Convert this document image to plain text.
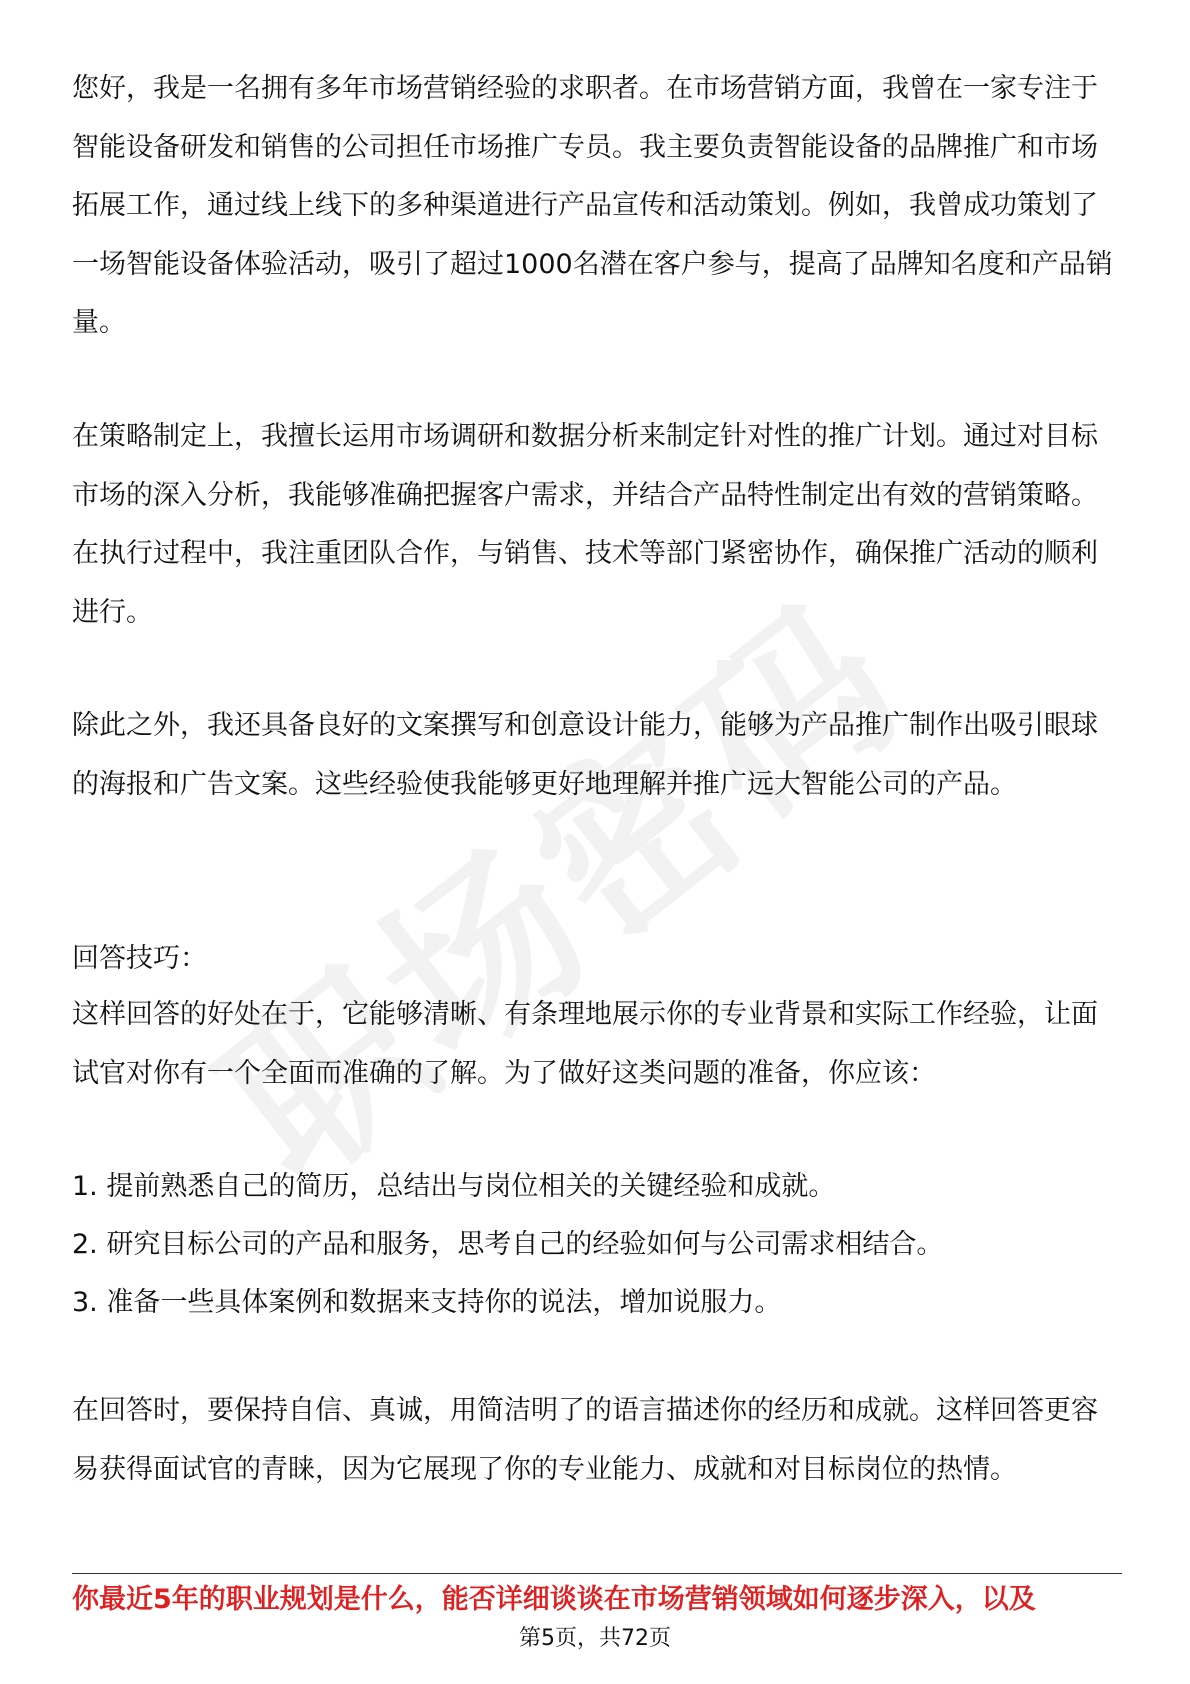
您好，我是一名拥有多年市场营销经验的求职者。在市场营销方面，我曾在一家专注于智能设备研发和销售的公司担任市场推广专员。我主要负责智能设备的品牌推广和市场拓展工作，通过线上线下的多种渠道进行产品宣传和活动策划。例如，我曾成功策划了一场智能设备体验活动，吸引了超过1000名潜在客户参与，提高了品牌知名度和产品销量。

在策略制定上，我擅长运用市场调研和数据分析来制定针对性的推广计划。通过对目标市场的深入分析，我能够准确把握客户需求，并结合产品特性制定出有效的营销策略。在执行过程中，我注重团队合作，与销售、技术等部门紧密协作，确保推广活动的顺利进行。

除此之外，我还具备良好的文案撰写和创意设计能力，能够为产品推广制作出吸引眼球的海报和广告文案。这些经验使我能够更好地理解并推广远大智能公司的产品。

回答技巧：

这样回答的好处在于，它能够清晰、有条理地展示你的专业背景和实际工作经验，让面试官对你有一个全面而准确的了解。为了做好这类问题的准备，你应该：

1. 提前熟悉自己的简历，总结出与岗位相关的关键经验和成就。
2. 研究目标公司的产品和服务，思考自己的经验如何与公司需求相结合。
3. 准备一些具体案例和数据来支持你的说法，增加说服力。

在回答时，要保持自信、真诚，用简洁明了的语言描述你的经历和成就。这样回答更容易获得面试官的青睐，因为它展现了你的专业能力、成就和对目标岗位的热情。

你最近5年的职业规划是什么，能否详细谈谈在市场营销领域如何逐步深入，以及

第5页，共72页
